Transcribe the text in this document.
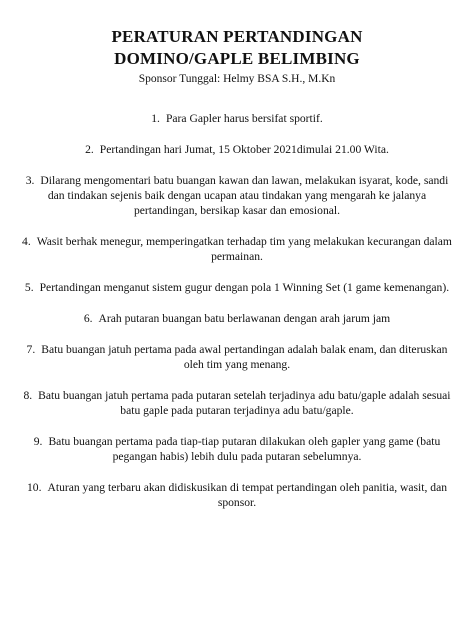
PERATURAN PERTANDINGAN
DOMINO/GAPLE BELIMBING

Sponsor Tunggal: Helmy BSA S.H., M.Kn

1. Para Gapler harus bersifat sportif.
2. Pertandingan hari Jumat, 15 Oktober 2021dimulai 21.00 Wita.
3. Dilarang mengomentari batu buangan kawan dan lawan, melakukan isyarat, kode, sandi dan tindakan sejenis baik dengan ucapan atau tindakan yang mengarah ke jalanya pertandingan, bersikap kasar dan emosional.
4. Wasit berhak menegur, memperingatkan terhadap tim yang melakukan kecurangan dalam permainan.
5. Pertandingan menganut sistem gugur dengan pola 1 Winning Set (1 game kemenangan).
6. Arah putaran buangan batu berlawanan dengan arah jarum jam
7. Batu buangan jatuh pertama pada awal pertandingan adalah balak enam, dan diteruskan oleh tim yang menang.
8. Batu buangan jatuh pertama pada putaran setelah terjadinya adu batu/gaple adalah sesuai batu gaple pada putaran terjadinya adu batu/gaple.
9. Batu buangan pertama pada tiap-tiap putaran dilakukan oleh gapler yang game (batu pegangan habis) lebih dulu pada putaran sebelumnya.
10. Aturan yang terbaru akan didiskusikan di tempat pertandingan oleh panitia, wasit, dan sponsor.
